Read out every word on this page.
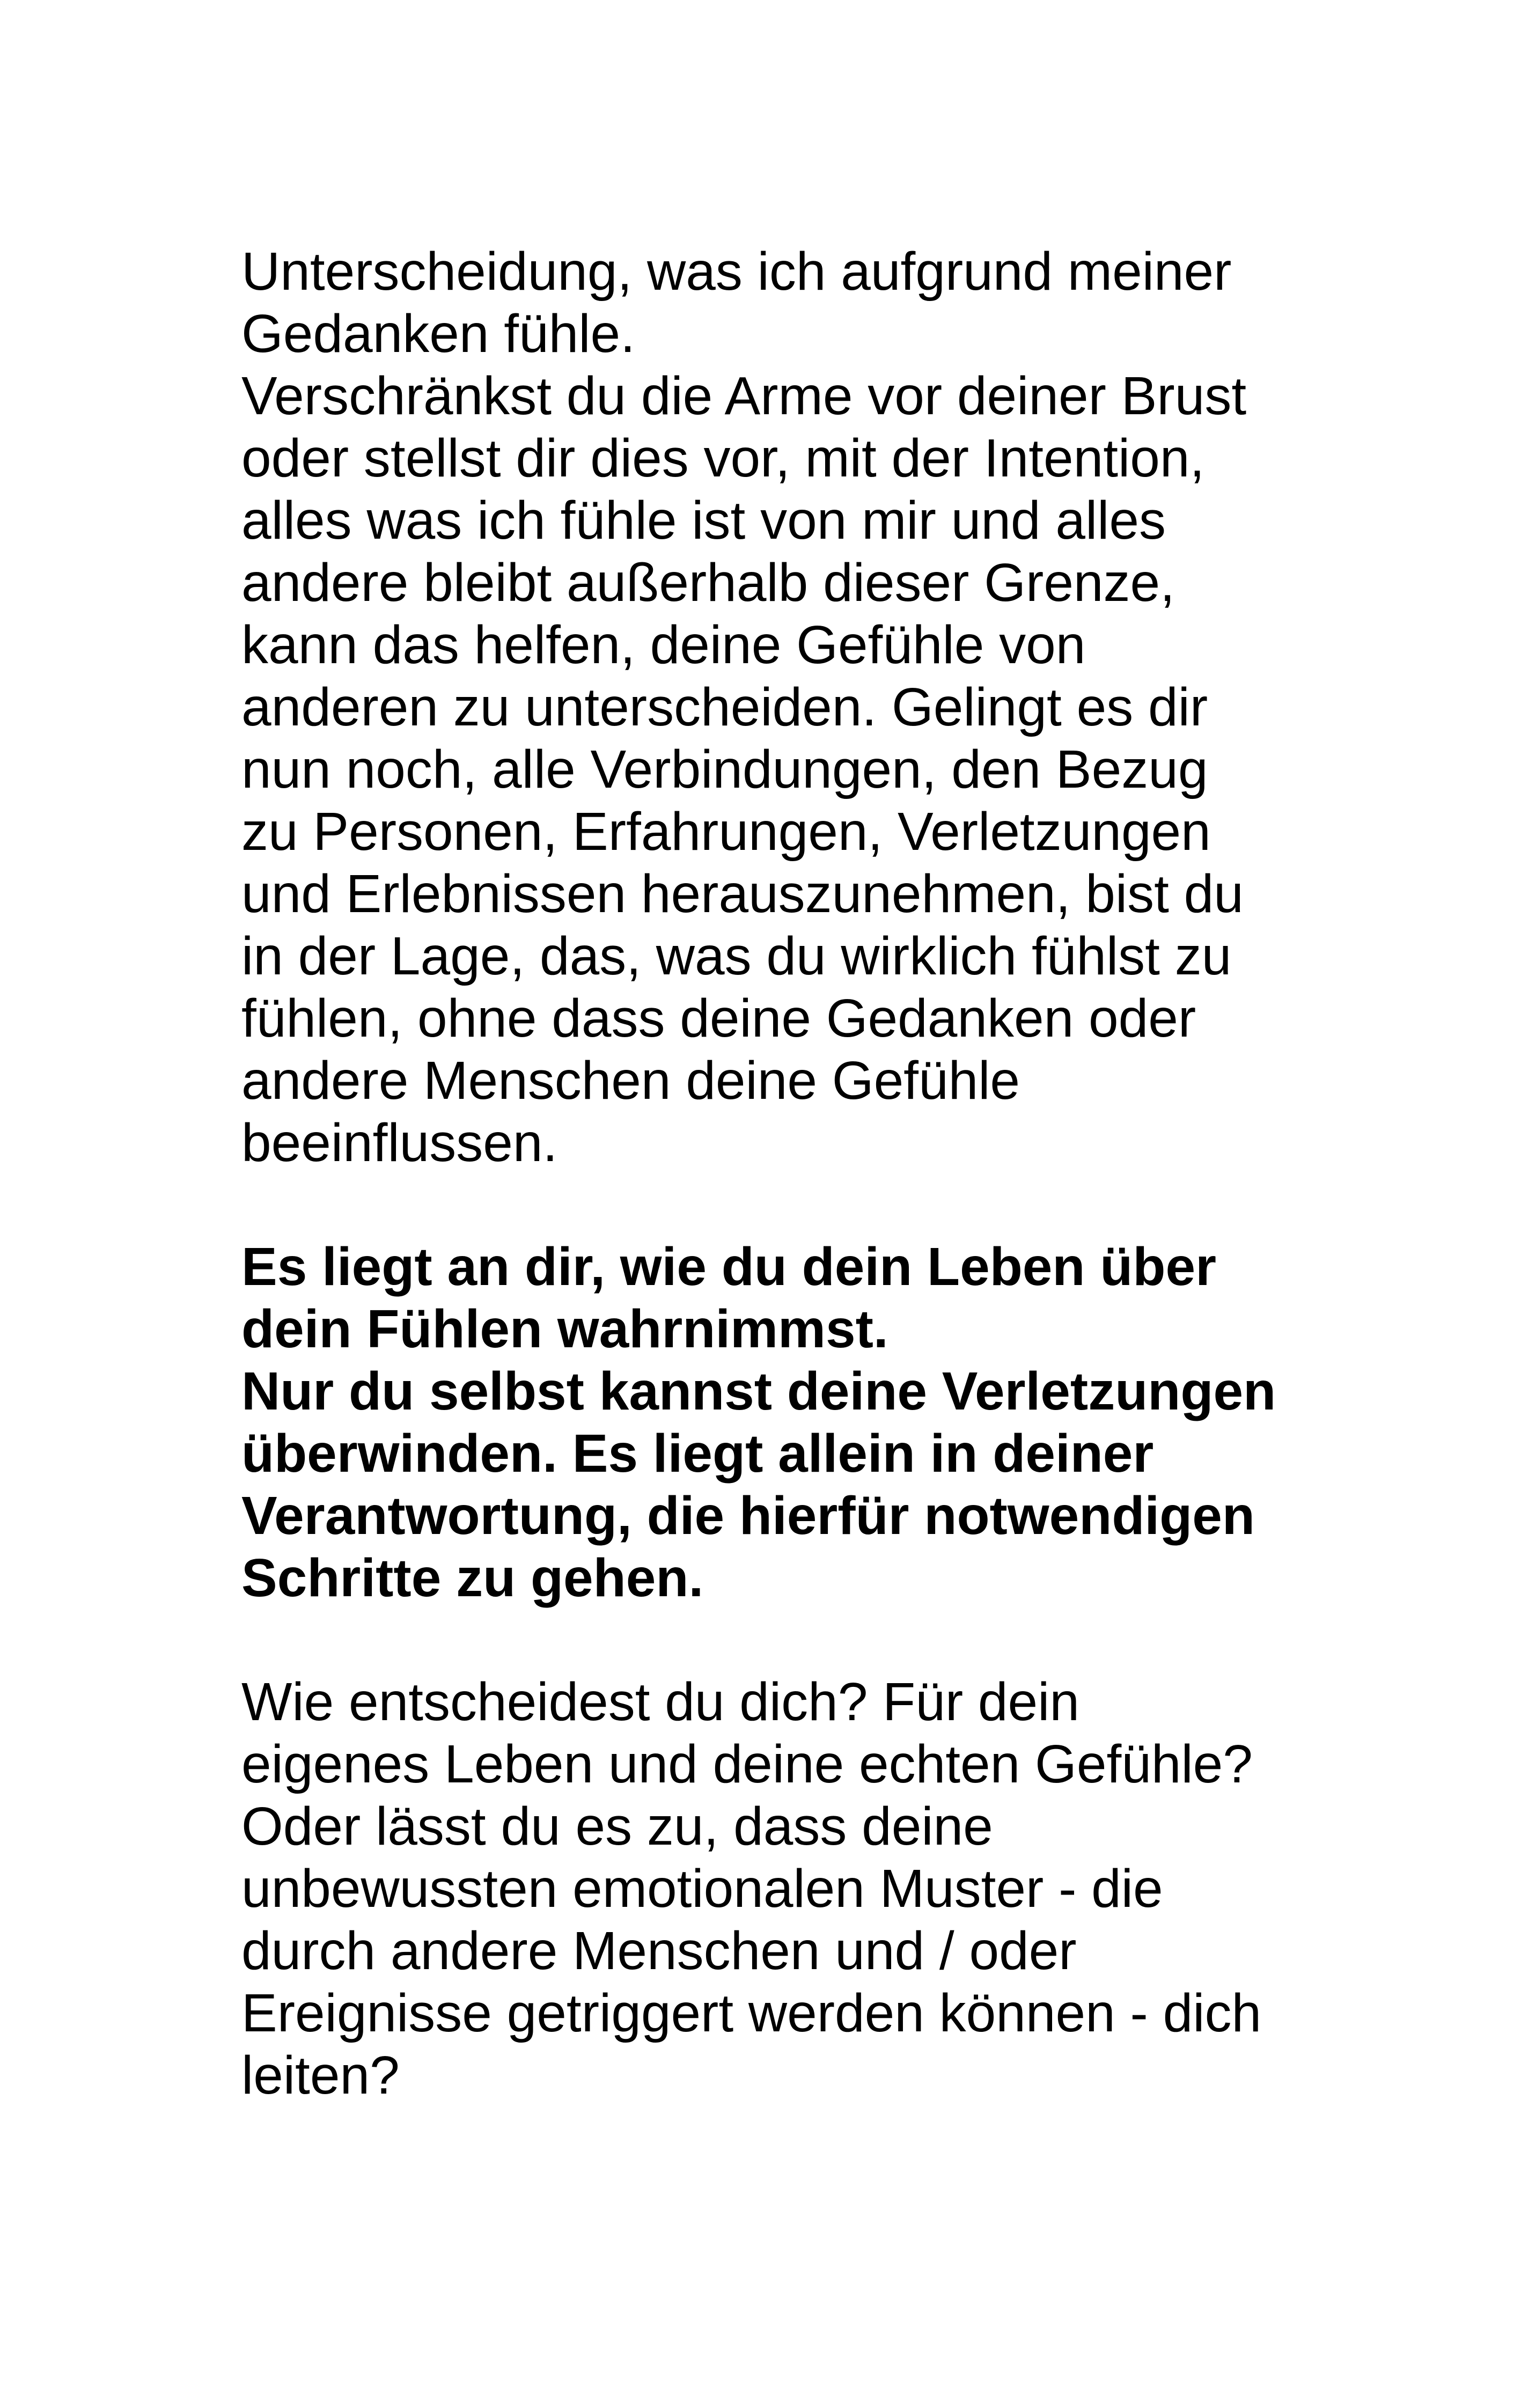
Unterscheidung, was ich aufgrund meiner
Gedanken fühle.
Verschränkst du die Arme vor deiner Brust
oder stellst dir dies vor, mit der Intention,
alles was ich fühle ist von mir und alles
andere bleibt außerhalb dieser Grenze,
kann das helfen, deine Gefühle von
anderen zu unterscheiden. Gelingt es dir
nun noch, alle Verbindungen, den Bezug
zu Personen, Erfahrungen, Verletzungen
und Erlebnissen herauszunehmen, bist du
in der Lage, das, was du wirklich fühlst zu
fühlen, ohne dass deine Gedanken oder
andere Menschen deine Gefühle
beeinflussen.
Es liegt an dir, wie du dein Leben über
dein Fühlen wahrnimmst.
Nur du selbst kannst deine Verletzungen
überwinden. Es liegt allein in deiner
Verantwortung, die hierfür notwendigen
Schritte zu gehen.
Wie entscheidest du dich? Für dein
eigenes Leben und deine echten Gefühle?
Oder lässt du es zu, dass deine
unbewussten emotionalen Muster - die
durch andere Menschen und / oder
Ereignisse getriggert werden können - dich
leiten?
